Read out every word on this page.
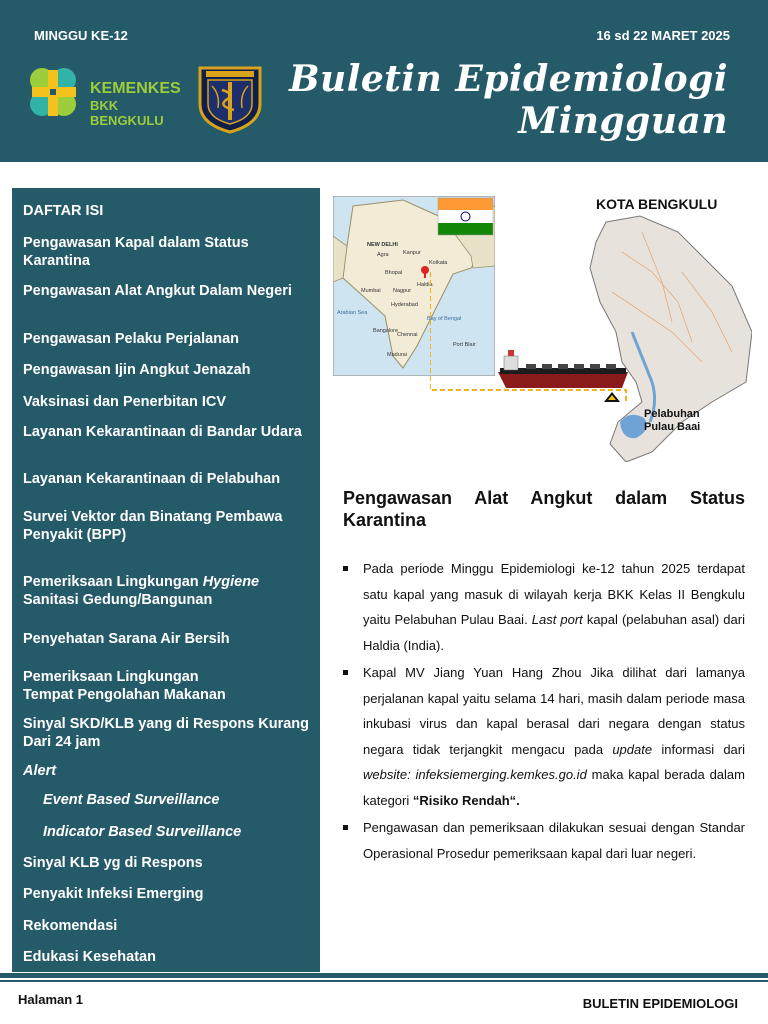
MINGGU KE-12	16 sd 22 MARET 2025
KEMENKES
BKK BENGKULU
Buletin Epidemiologi
Mingguan
DAFTAR ISI
Pengawasan Kapal dalam Status Karantina
Pengawasan Alat Angkut Dalam Negeri
Pengawasan Pelaku Perjalanan
Pengawasan Ijin Angkut Jenazah
Vaksinasi dan Penerbitan ICV
Layanan Kekarantinaan di Bandar Udara
Layanan Kekarantinaan di Pelabuhan
Survei Vektor dan Binatang Pembawa Penyakit (BPP)
Pemeriksaan Lingkungan Hygiene
Sanitasi Gedung/Bangunan
Penyehatan Sarana Air Bersih
Pemeriksaan Lingkungan
Tempat Pengolahan Makanan
Sinyal SKD/KLB yang di Respons Kurang Dari 24 jam
Alert
Event Based Surveillance
Indicator Based Surveillance
Sinyal KLB yg di Respons
Penyakit Infeksi Emerging
Rekomendasi
Edukasi Kesehatan
NEW DELHI
Agra	Kanpur
Bhopal
Nagpur
Mumbai
Hyderabad
Bangalore
Chennai
Madurai
Kolkata
Haldia
Arabian Sea
Bay of Bengal
Port Blair
KOTA BENGKULU
Pelabuhan
Pulau Baai
Pengawasan Alat Angkut dalam Status
Karantina
Pada periode Minggu Epidemiologi ke-12 tahun 2025 terdapat satu kapal yang masuk di wilayah kerja BKK Kelas II Bengkulu yaitu Pelabuhan Pulau Baai. Last port kapal (pelabuhan asal) dari Haldia (India).
Kapal MV Jiang Yuan Hang Zhou Jika dilihat dari lamanya perjalanan kapal yaitu selama 14 hari, masih dalam periode masa inkubasi virus dan kapal berasal dari negara dengan status negara tidak terjangkit mengacu pada update informasi dari website: infeksiemerging.kemkes.go.id maka kapal berada dalam kategori “Risiko Rendah“.
Pengawasan dan pemeriksaan dilakukan sesuai dengan Standar Operasional Prosedur pemeriksaan kapal dari luar negeri.
Halaman 1	BULETIN EPIDEMIOLOGI
